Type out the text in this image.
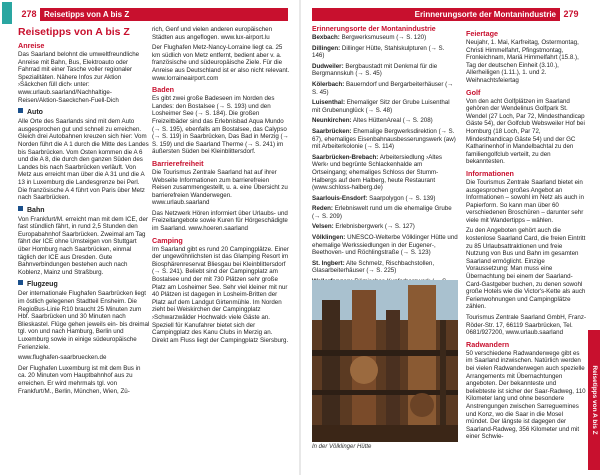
278 Reisetipps von A bis Z
Reisetipps von A bis Z
Anreise

Das Saarland belohnt die umweltfreundliche Anreise mit Bahn, Bus, Elektroauto oder Fahrrad mit einer Tasche voller regionaler Spezialitäten. Nähere Infos zur Aktion ›Säckchen füll dich‹ unter: www.urlaub.saarland/Nachhaltige-Reisen/Aktion-Saeckchen-Fuell-Dich

Auto

Alle Orte des Saarlands sind mit dem Auto ausgesprochen gut und schnell zu erreichen. Gleich drei Autobahnen kreuzen sich hier: Vom Norden führt die A 1 durch die Mitte des Landes bis Saarbrücken. Vom Osten kommen die A 6 und die A 8, die durch den ganzen Süden des Landes bis nach Saarbrücken verläuft. Von Metz aus erreicht man über die A 31 und die A 13 in Luxemburg die Landesgrenze bei Perl. Die französische A 4 führt von Paris über Metz nach Saarbrücken.

Bahn

Von Frankfurt/M. erreicht man mit dem ICE, der fast stündlich fährt, in rund 2,5 Stunden den Europabahnhof Saarbrücken. Zweimal am Tag fährt der ICE ohne Umsteigen von Stuttgart über Homburg nach Saarbrücken, einmal täglich der ICE aus Dresden. Gute Bahnverbindungen bestehen auch nach Koblenz, Mainz und Straßburg.

Flugzeug

Der internationale Flughafen Saarbrücken liegt im östlich gelegenen Stadtteil Ensheim. Die RegioBus-Linie R10 braucht 25 Minuten zum Hbf. Saarbrücken und 30 Minuten nach Blieskastel. Flüge gehen jeweils ein- bis dreimal tgl. von und nach Hamburg, Berlin und Luxemburg sowie in einige südeuropäische Ferienziele.

www.flughafen-saarbruecken.de

Der Flughafen Luxemburg ist mit dem Bus in ca. 20 Minuten vom Hauptbahnhof aus zu erreichen. Er wird mehrmals tgl. von Frankfurt/M., Berlin, München, Wien, Zü-

rich, Genf und vielen anderen europäischen Städten aus angeflogen. www.lux-airport.lu

Der Flughafen Metz-Nancy-Lorraine liegt ca. 25 km südlich von Metz entfernt, bedient aber v. a. französische und südeuropäische Ziele. Für die Anreise aus Deutschland ist er also nicht relevant. www.lorraineairport.com

Baden

Es gibt zwei große Badeseen im Norden des Landes: den Bostalsee (→ S. 193) und den Losheimer See (→ S. 184). Die großen Freizeitbäder sind das Erlebnisbad Aqua Mundo (→ S. 195), ebenfalls am Bostalsee, das Calypso (→ S. 119) in Saarbrücken, Das Bad in Merzig (→ S. 159) und die Saarland Therme (→ S. 241) im äußersten Süden bei Kleinblittersdorf.

Barrierefreiheit

Die Tourismus Zentrale Saarland hat auf ihrer Webseite Informationen zum barrierefreien Reisen zusammengestellt, u. a. eine Übersicht zu barrierefreien Wanderwegen. www.urlaub.saarland

Das Netzwerk Hören informiert über Urlaubs- und Freizeitangebote sowie Kuren für Hörgeschädigte im Saarland. www.hoeren.saarland

Camping

Im Saarland gibt es rund 20 Campingplätze. Einer der ungewöhnlichsten ist das Glamping Resort im Biosphärenreservat Bliesgau bei Kleinblittersdorf (→ S. 241). Beliebt sind der Campingplatz am Bostalsee und der mit 730 Plätzen sehr große Platz am Losheimer See. Sehr viel kleiner mit nur 40 Plätzen ist dagegen in Losheim-Britten der Platz auf dem Landgut Girtenmühle. Im Norden zieht bei Weiskirchen der Campingplatz ›Schwarzwälder Hochwald‹ viele Gäste an. Speziell für Kanufahrer bietet sich der Campingplatz des Kanu Clubs in Merzig an. Direkt am Fluss liegt der Campingplatz Siersburg.

Erinnerungsorte der Montanindustrie 279
Erinnerungsorte der Montanindustrie

Bexbach: Bergwerksmuseum (→ S. 120)

Dillingen: Dillinger Hütte, Stahlskulpturen (→ S. 146)

Dudweiler: Bergbaustadt mit Denkmal für die Bergmannskuh (→ S. 45)

Kölerbach: Bauerndorf und Bergarbeiterhäuser (→ S. 45)

Luisenthal: Ehemaliger Sitz der Grube Luisenthal mit Grubenunglück (→ S. 48)

Neunkirchen: Altes HüttenAreal (→ S. 208)

Saarbrücken: Ehemalige Bergwerksdirektion (→ S. 67), ehemaliges Eisenbahnausbesserungswerk (aw) mit Arbeiterkolonie (→ S. 114)

Saarbrücken-Brebach: Arbeitersiedlung ›Altes Werk‹ und begrünte Schlackenhalde am Ortseingang; ehemaliges Schloss der Stumm-Halbergs auf dem Halberg, heute Restaurant (www.schloss-halberg.de)

Saarlouis-Ensdorf: Saarpolygon (→ S. 139)

Reden: Erlebniswelt rund um die ehemalige Grube (→ S. 209)

Velsen: Erlebnisbergwerk (→ S. 127)

Völklingen: UNESCO-Welterbe Völklinger Hütte und ehemalige Werkssiedlungen in der Eugener-, Beethoven- und Röchlingstraße (→ S. 123)

St. Ingbert: Alte Schmelz, Rischbachstollen, Glasarbeiterhäuser (→ S. 225)

In der Völklinger Hütte
Feiertage

Neujahr, 1. Mai, Karfreitag, Ostermontag, Christi Himmelfahrt, Pfingstmontag, Fronleichnam, Mariä Himmelfahrt (15.8.), Tag der deutschen Einheit (3.10.), Allerheiligen (1.11.), 1. und 2. Weihnachtsfeiertag

Golf

Von den acht Golfplätzen im Saarland gehören der Wendelinus Golfpark St. Wendel (27 Loch, Par 72, Mindesthandicap Gäste 54), der Golfclub Websweiler Hof bei Homburg (18 Loch, Par 72, Mindesthandicap Gäste 54) und der GC Katharinenhof in Mandelbachtal zu den familiengolfclub verteilt, zu den bekanntesten.

Informationen

Die Tourismus Zentrale Saarland bietet ein ausgesprochen großes Angebot an Informationen – sowohl im Netz als auch in Papierform. So kann man über 60 verschiedenen Broschüren – darunter sehr viele mit Wandertipps – wählen.

Zu den Angeboten gehört auch die kostenlose Saarland Card, die freien Eintritt zu 85 Urlaubsattraktionen und freie Nutzung von Bus und Bahn im gesamten Saarland ermöglicht. Einzige Voraussetzung: Man muss eine Übernachtung bei einem der Saarland-Card-Gastgeber buchen, zu denen sowohl große Hotels wie die Victor's-Kette als auch Ferienwohnungen und Campingplätze zählen.

Tourismus Zentrale Saarland GmbH, Franz-Röder-Str. 17, 66119 Saarbrücken, Tel. 0681/927200, www.urlaub.saarland

Radwandern

50 verschiedene Radwanderwege gibt es im Saarland inzwischen. Natürlich werden bei vielen Radwanderwegen auch spezielle Arrangements mit Übernachtungen angeboten. Der bekannteste und beliebteste ist sicher der Saar-Radweg, 110 Kilometer lang und ohne besondere Anstrengungen zwischen Sarreguemines und Konz, wo die Saar in die Mosel mündet. Der längste ist dagegen der Saarland-Radweg, 356 Kilometer und mit einer Schwie-

Reisetipps von A bis Z
